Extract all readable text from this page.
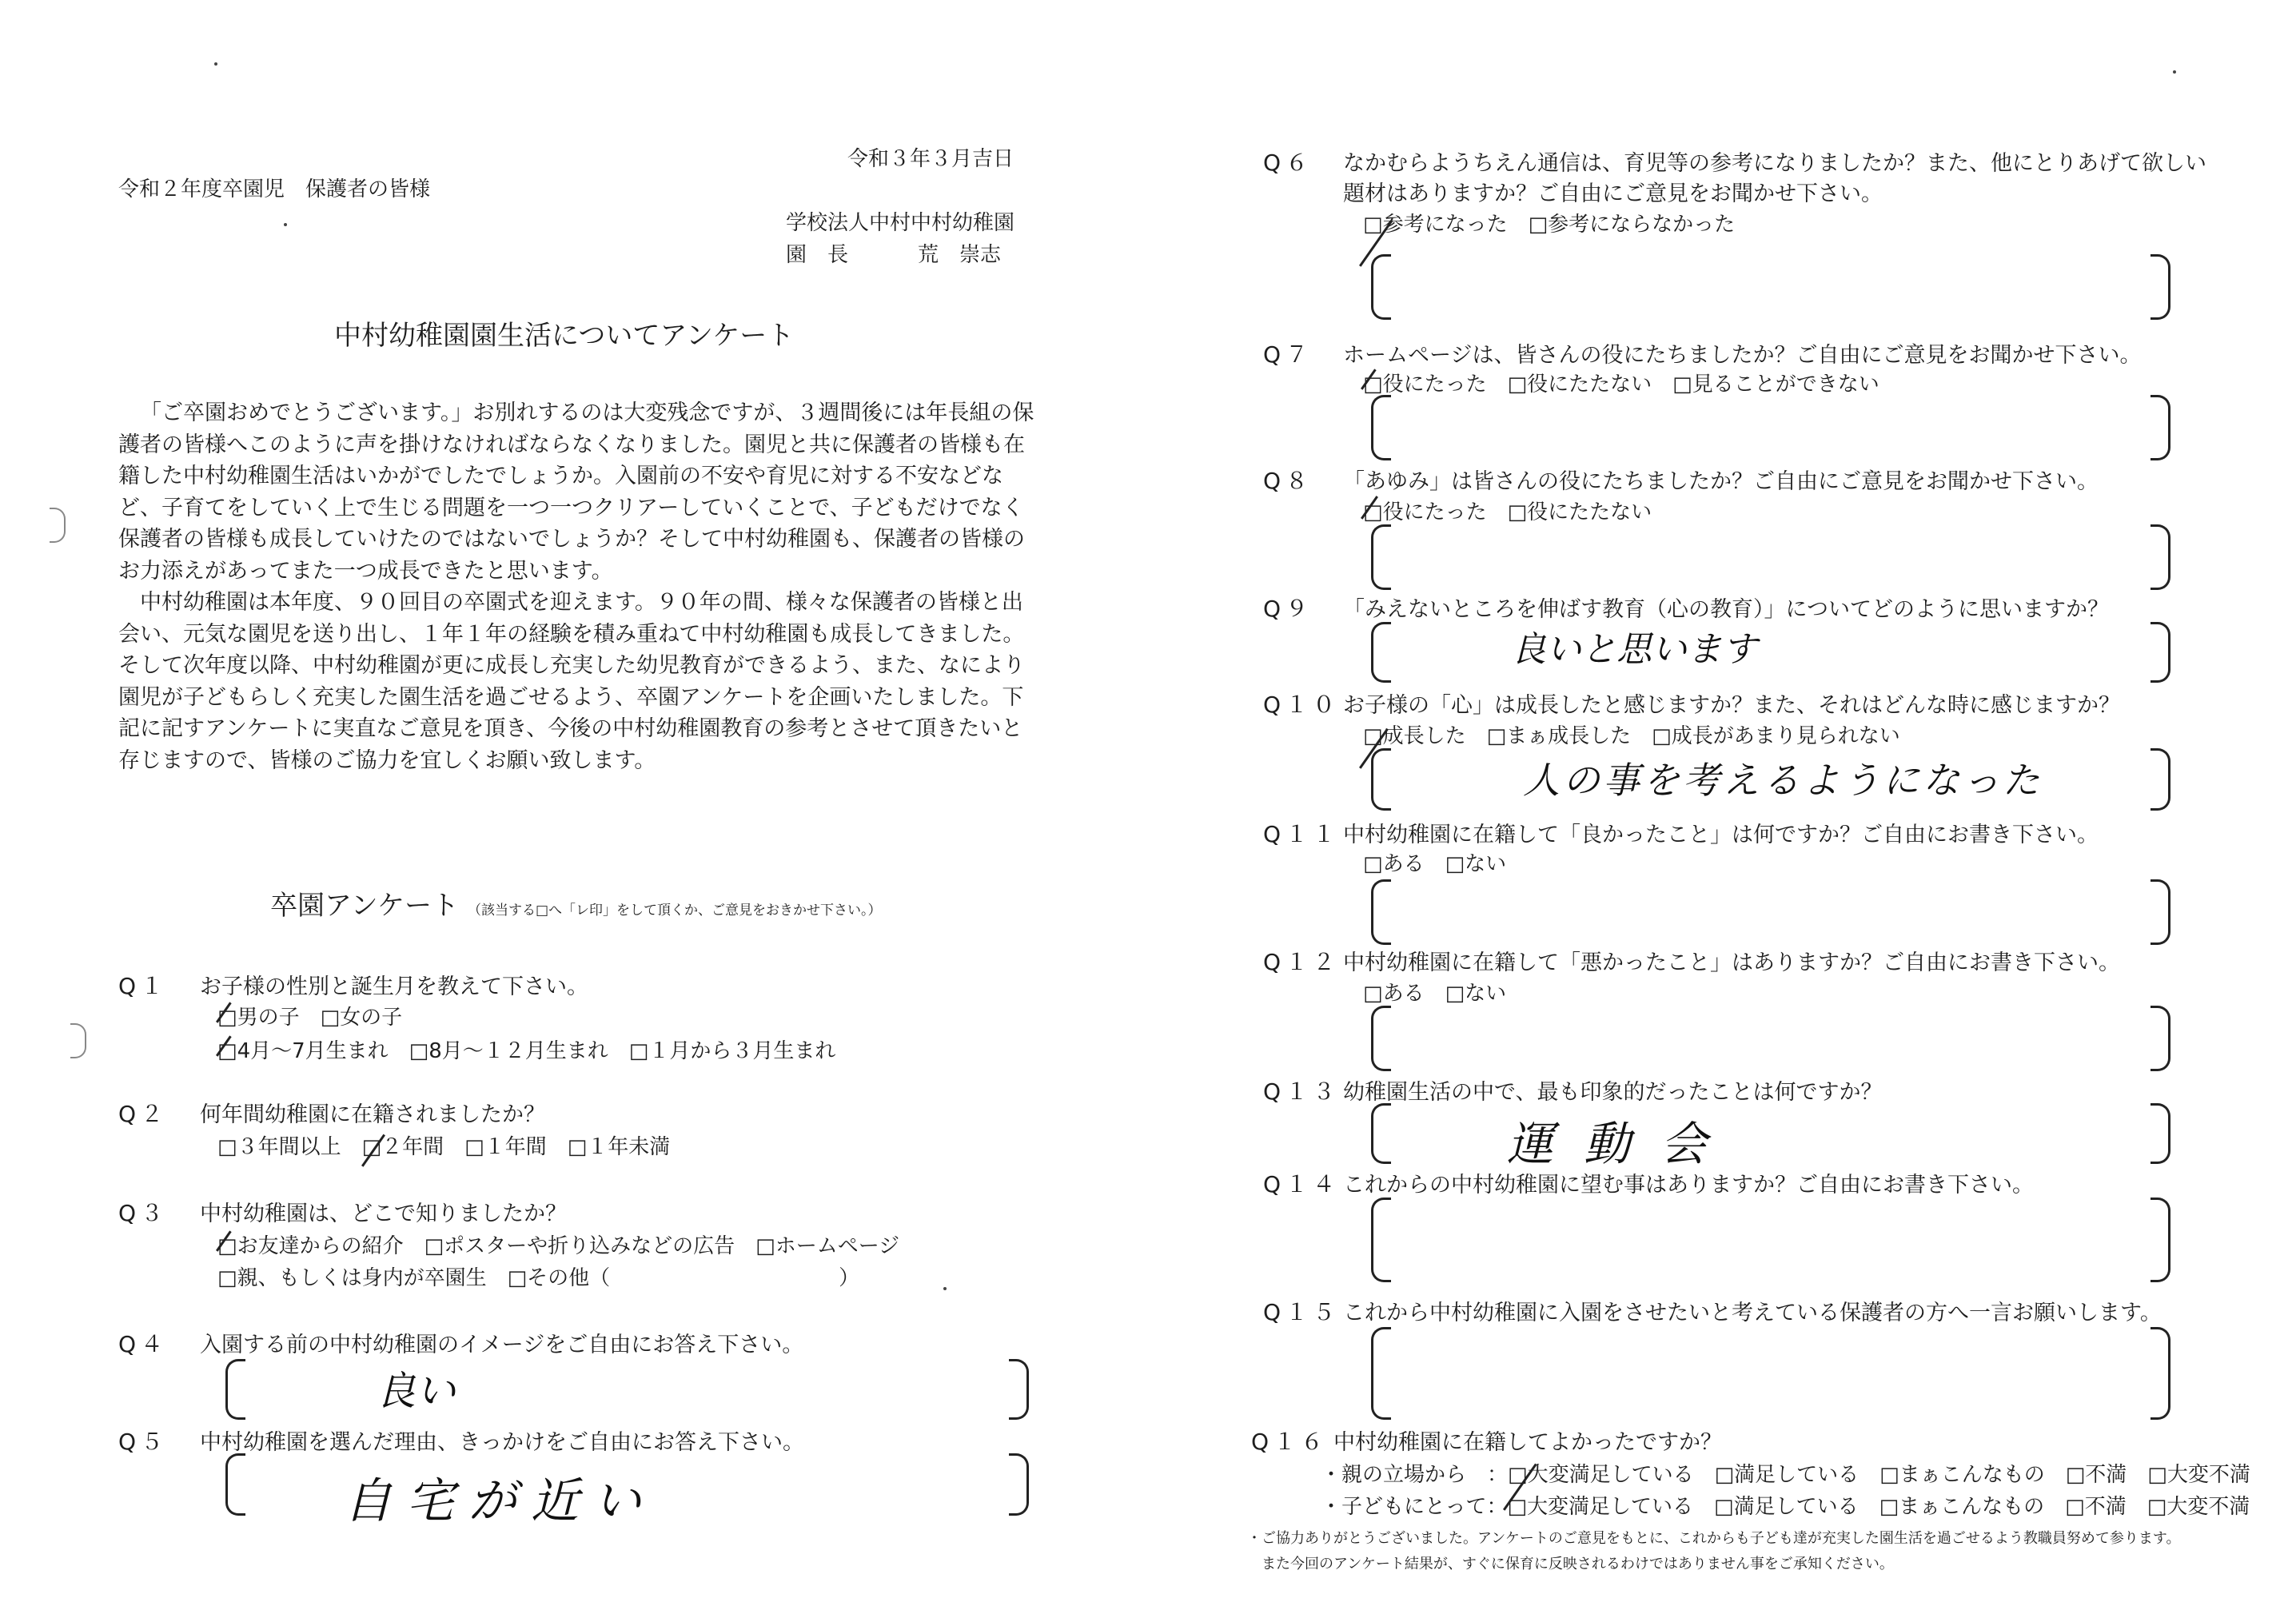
令和２年度卒園児　保護者の皆様
令和３年３月吉日
学校法人中村中村幼稚園
園　長	荒　崇志
中村幼稚園園生活についてアンケート

「ご卒園おめでとうございます。」お別れするのは大変残念ですが、３週間後には年長組の保護者の皆様へこのように声を掛けなければならなくなりました。園児と共に保護者の皆様も在籍した中村幼稚園生活はいかがでしたでしょうか。入園前の不安や育児に対する不安などなど、子育てをしていく上で生じる問題を一つ一つクリアーしていくことで、子どもだけでなく保護者の皆様も成長していけたのではないでしょうか？そして中村幼稚園も、保護者の皆様のお力添えがあってまた一つ成長できたと思います。

中村幼稚園は本年度、９０回目の卒園式を迎えます。９０年の間、様々な保護者の皆様と出会い、元気な園児を送り出し、１年１年の経験を積み重ねて中村幼稚園も成長してきました。そして次年度以降、中村幼稚園が更に成長し充実した幼児教育ができるよう、また、なにより園児が子どもらしく充実した園生活を過ごせるよう、卒園アンケートを企画いたしました。下記に記すアンケートに実直なご意見を頂き、今後の中村幼稚園教育の参考とさせて頂きたいと存じますので、皆様のご協力を宜しくお願い致します。

卒園アンケート （該当する□へ「レ印」をして頂くか、ご意見をおきかせ下さい。）
Q１ お子様の性別と誕生月を教えて下さい。
□男の子　□女の子
□4月～7月生まれ　□8月～１２月生まれ　□１月から３月生まれ
Q２ 何年間幼稚園に在籍されましたか？
□３年間以上　□２年間　□１年間　□１年未満
Q３ 中村幼稚園は、どこで知りましたか？
□お友達からの紹介　□ポスターや折り込みなどの広告　□ホームページ
□親、もしくは身内が卒園生　□その他（　　　　　　　　　　　）
Q４ 入園する前の中村幼稚園のイメージをご自由にお答え下さい。
良い
Q５ 中村幼稚園を選んだ理由、きっかけをご自由にお答え下さい。
自宅が近い
Q６ なかむらようちえん通信は、育児等の参考になりましたか？また、他にとりあげて欲しい
題材はありますか？ご自由にご意見をお聞かせ下さい。
□参考になった　□参考にならなかった
Q７ ホームページは、皆さんの役にたちましたか？ご自由にご意見をお聞かせ下さい。
□役にたった　□役にたたない　□見ることができない
Q８ 「あゆみ」は皆さんの役にたちましたか？ご自由にご意見をお聞かせ下さい。
□役にたった　□役にたたない
Q９ 「みえないところを伸ばす教育（心の教育）」についてどのように思いますか？
良いと思います
Q１０ お子様の「心」は成長したと感じますか？また、それはどんな時に感じますか？
□成長した　□まぁ成長した　□成長があまり見られない
人の事を考えるようになった
Q１１ 中村幼稚園に在籍して「良かったこと」は何ですか？ご自由にお書き下さい。
□ある　□ない
Q１２ 中村幼稚園に在籍して「悪かったこと」はありますか？ご自由にお書き下さい。
□ある　□ない
Q１３ 幼稚園生活の中で、最も印象的だったことは何ですか？
運動会
Q１４ これからの中村幼稚園に望む事はありますか？ご自由にお書き下さい。
Q１５ これから中村幼稚園に入園をさせたいと考えている保護者の方へ一言お願いします。
Q１６ 中村幼稚園に在籍してよかったですか？
・親の立場から　：□大変満足している　□満足している　□まぁこんなもの　□不満　□大変不満
・子どもにとって：□大変満足している　□満足している　□まぁこんなもの　□不満　□大変不満
・ご協力ありがとうございました。アンケートのご意見をもとに、これからも子ども達が充実した園生活を過ごせるよう教職員努めて参ります。
　また今回のアンケート結果が、すぐに保育に反映されるわけではありません事をご承知ください。
